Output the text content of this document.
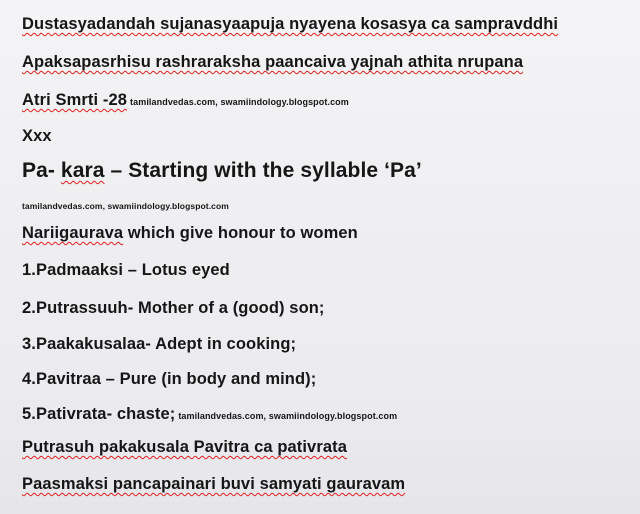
Dustasyadandah sujanasyaapuja nyayena kosasya ca sampravddhi
Apaksapasrhisu rashraraksha paancaiva yajnah athita nrupana
Atri Smrti -28 tamilandvedas.com, swamiindology.blogspot.com
Xxx
Pa- kara – Starting with the syllable ‘Pa’
tamilandvedas.com, swamiindology.blogspot.com
Nariigaurava which give honour to women
1.Padmaaksi – Lotus eyed
2.Putrassuuh- Mother of a (good) son;
3.Paakakusalaa- Adept in cooking;
4.Pavitraa – Pure (in body and mind);
5.Pativrata- chaste; tamilandvedas.com, swamiindology.blogspot.com
Putrasuh pakakusala Pavitra ca pativrata
Paasmaksi pancapainari buvi samyati gauravam
